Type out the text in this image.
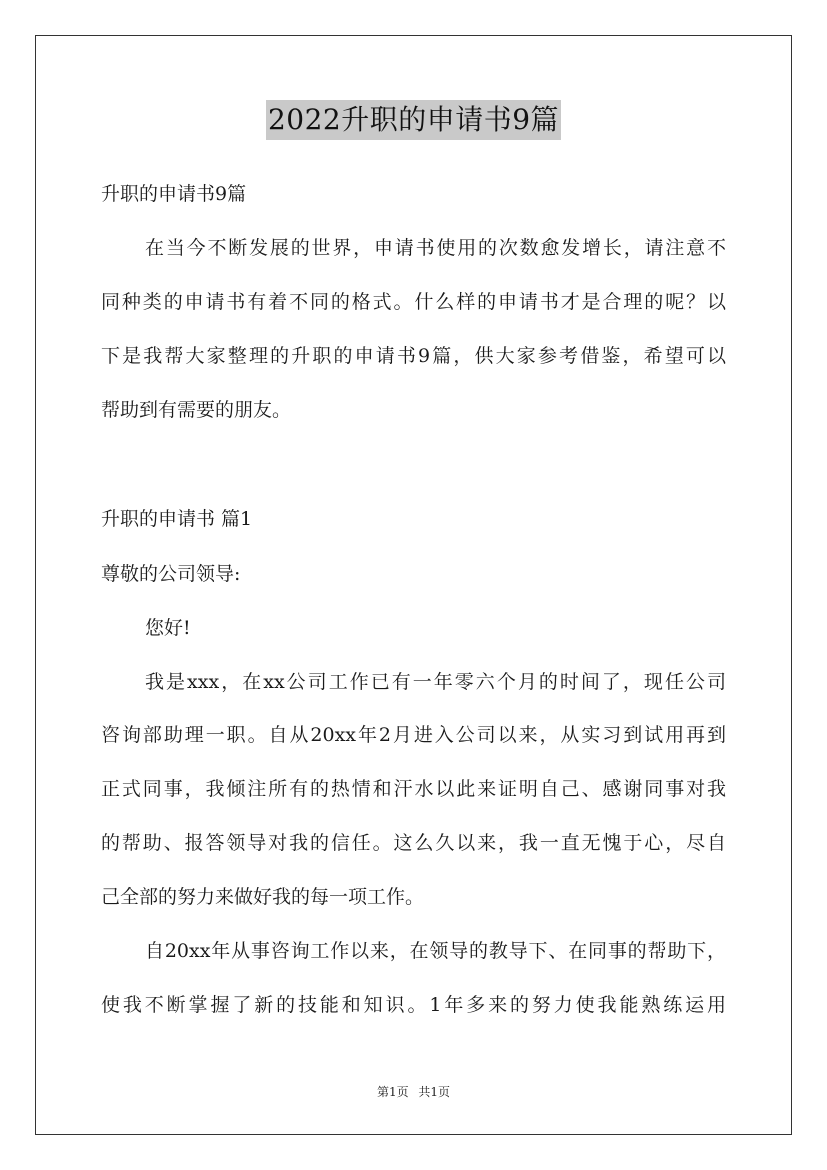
2022升职的申请书9篇
升职的申请书9篇
在当今不断发展的世界，申请书使用的次数愈发增长，请注意不
同种类的申请书有着不同的格式。什么样的申请书才是合理的呢？以
下是我帮大家整理的升职的申请书9篇，供大家参考借鉴，希望可以
帮助到有需要的朋友。
升职的申请书 篇1
尊敬的公司领导:
您好!
我是xxx，在xx公司工作已有一年零六个月的时间了，现任公司
咨询部助理一职。自从20xx年2月进入公司以来，从实习到试用再到
正式同事，我倾注所有的热情和汗水以此来证明自己、感谢同事对我
的帮助、报答领导对我的信任。这么久以来，我一直无愧于心，尽自
己全部的努力来做好我的每一项工作。
自20xx年从事咨询工作以来，在领导的教导下、在同事的帮助下，
使我不断掌握了新的技能和知识。1年多来的努力使我能熟练运用
第1页 共1页
